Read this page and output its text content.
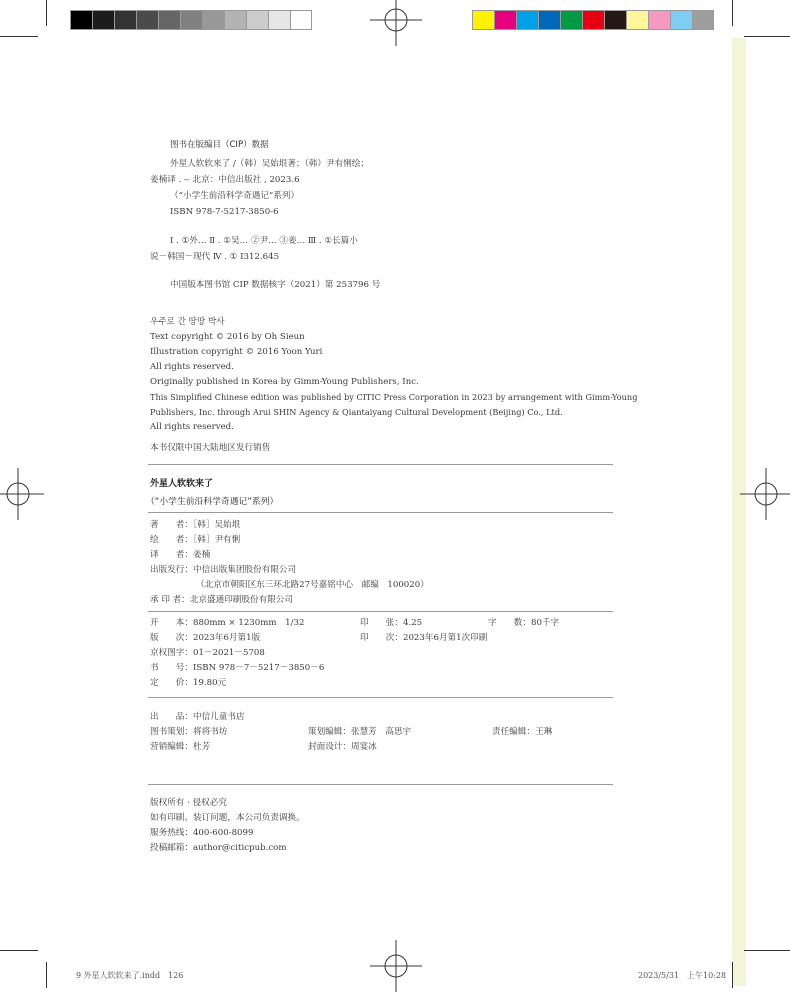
图书在版编目（CIP）数据
外星人软软来了 /（韩）吴始垠著；（韩）尹有悧绘；
姜楠译 . -- 北京：中信出版社 , 2023.6
（“小学生前沿科学奇遇记”系列）
ISBN 978-7-5217-3850-6
Ⅰ . ①外… Ⅱ . ①吴… ②尹… ③姜… Ⅲ . ①长篇小
说－韩国－现代 Ⅳ . ① I312.645
中国版本图书馆 CIP 数据核字（2021）第 253796 号
우주로 간 땅땅 박사
Text copyright © 2016 by Oh Sieun
Illustration copyright © 2016 Yoon Yuri
All rights reserved.
Originally published in Korea by Gimm-Young Publishers, Inc.
This Simplified Chinese edition was published by CITIC Press Corporation in 2023 by arrangement with Gimm-Young
Publishers, Inc. through Arui SHIN Agency & Qiantaiyang Cultural Development (Beijing) Co., Ltd.
All rights reserved.
本书仅限中国大陆地区发行销售
外星人软软来了
（“小学生前沿科学奇遇记”系列）
著　　者：［韩］吴始垠
绘　　者：［韩］尹有悧
译　　者：姜楠
出版发行：中信出版集团股份有限公司
（北京市朝阳区东三环北路27号嘉铭中心　邮编　100020）
承 印 者：北京盛通印刷股份有限公司
开　　本：880mm × 1230mm　1/32	印　　张：4.25	字　　数：80千字
版　　次：2023年6月第1版	印　　次：2023年6月第1次印刷
京权图字：01－2021－5708
书　　号：ISBN 978－7－5217－3850－6
定　　价：19.80元
出　　品：中信儿童书店
图书策划：将将书坊	策划编辑：张慧芳　高思宇	责任编辑：王琳
营销编辑：杜芳	封面设计：周宴冰
版权所有 · 侵权必究
如有印刷、装订问题，本公司负责调换。
服务热线：400-600-8099
投稿邮箱：author@citicpub.com
9 外星人软软来了.indd　126	2023/5/31　上午10:28
